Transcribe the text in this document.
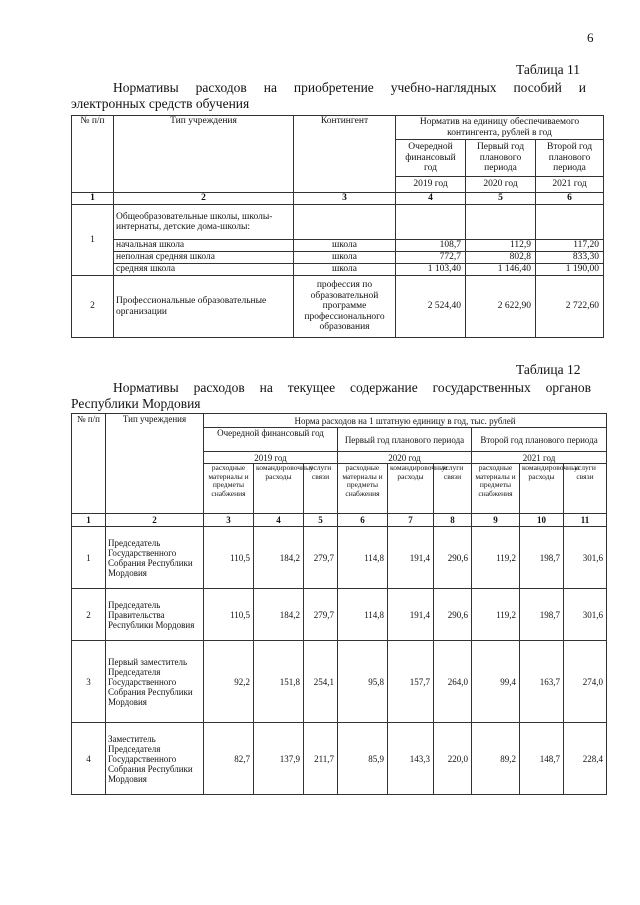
6
Таблица 11
Нормативы расходов на приобретение учебно-наглядных пособий и
электронных средств обучения
№ п/п	Тип учреждения	Контингент	Норматив на единицу обеспечиваемого контингента, рублей в год		
			Очередной финансовый год	Первый год планового периода	Второй год планового периода
			2019 год	2020 год	2021 год
1	2	3	4	5	6
1	Общеобразовательные школы, школы-интернаты, детские дома-школы:				
	начальная школа	школа	108,7	112,9	117,20
	неполная средняя школа	школа	772,7	802,8	833,30
	средняя школа	школа	1 103,40	1 146,40	1 190,00
2	Профессиональные образовательные организации	профессия по образовательной программе профессионального образования	2 524,40	2 622,90	2 722,60
Таблица 12
Нормативы расходов на текущее содержание государственных органов
Республики Мордовия
№ п/п	Тип учреждения	Норма расходов на 1 штатную единицу в год, тыс. рублей								
		Очередной финансовый год			Первый год планового периода			Второй год планового периода		
		2019 год			2020 год			2021 год		
		расходные материалы и предметы снабжения	командировочные расходы	услуги связи	расходные материалы и предметы снабжения	командировочные расходы	услуги связи	расходные материалы и предметы снабжения	командировочные расходы	услуги связи
1	2	3	4	5	6	7	8	9	10	11
1	Председатель Государственного Собрания Республики Мордовия	110,5	184,2	279,7	114,8	191,4	290,6	119,2	198,7	301,6
2	Председатель Правительства Республики Мордовия	110,5	184,2	279,7	114,8	191,4	290,6	119,2	198,7	301,6
3	Первый заместитель Председателя Государственного Собрания Республики Мордовия	92,2	151,8	254,1	95,8	157,7	264,0	99,4	163,7	274,0
4	Заместитель Председателя Государственного Собрания Республики Мордовия	82,7	137,9	211,7	85,9	143,3	220,0	89,2	148,7	228,4
